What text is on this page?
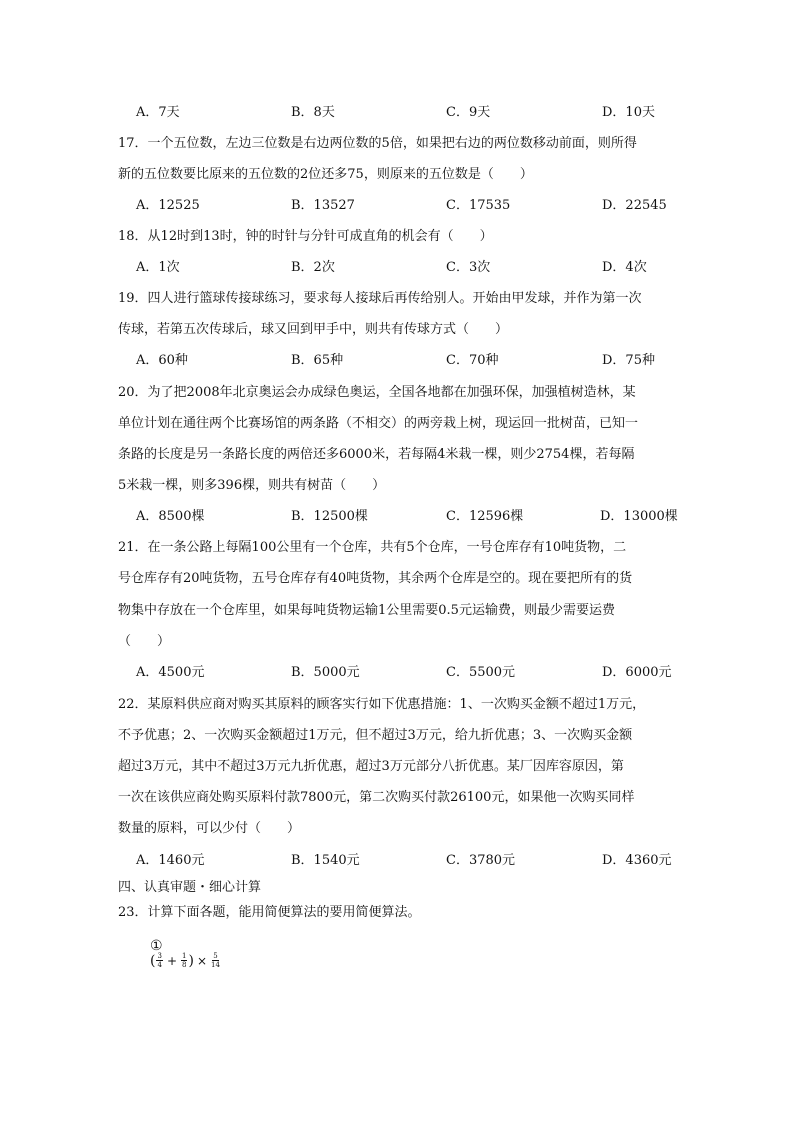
A．7天	B．8天	C．9天	D．10天
17．一个五位数，左边三位数是右边两位数的5倍，如果把右边的两位数移动前面，则所得
新的五位数要比原来的五位数的2位还多75，则原来的五位数是（　　）
A．12525	B．13527	C．17535	D．22545
18．从12时到13时，钟的时针与分针可成直角的机会有（　　）
A．1次	B．2次	C．3次	D．4次
19．四人进行篮球传接球练习，要求每人接球后再传给别人。开始由甲发球，并作为第一次
传球，若第五次传球后，球又回到甲手中，则共有传球方式（　　）
A．60种	B．65种	C．70种	D．75种
20．为了把2008年北京奥运会办成绿色奥运，全国各地都在加强环保，加强植树造林，某
单位计划在通往两个比赛场馆的两条路（不相交）的两旁栽上树，现运回一批树苗，已知一
条路的长度是另一条路长度的两倍还多6000米，若每隔4米栽一棵，则少2754棵，若每隔
5米栽一棵，则多396棵，则共有树苗（　　）
A．8500棵	B．12500棵	C．12596棵	D．13000棵
21．在一条公路上每隔100公里有一个仓库，共有5个仓库，一号仓库存有10吨货物，二
号仓库存有20吨货物，五号仓库存有40吨货物，其余两个仓库是空的。现在要把所有的货
物集中存放在一个仓库里，如果每吨货物运输1公里需要0.5元运输费，则最少需要运费
（　　）
A．4500元	B．5000元	C．5500元	D．6000元
22．某原料供应商对购买其原料的顾客实行如下优惠措施：1、一次购买金额不超过1万元，
不予优惠；2、一次购买金额超过1万元，但不超过3万元，给九折优惠；3、一次购买金额
超过3万元，其中不超过3万元九折优惠，超过3万元部分八折优惠。某厂因库容原因，第
一次在该供应商处购买原料付款7800元，第二次购买付款26100元，如果他一次购买同样
数量的原料，可以少付（　　）
A．1460元	B．1540元	C．3780元	D．4360元
四、认真审题・细心计算
23．计算下面各题，能用简便算法的要用简便算法。
①
( $\frac{3}{4} + \frac{1}{8}$ ) × $\frac{5}{14}$
